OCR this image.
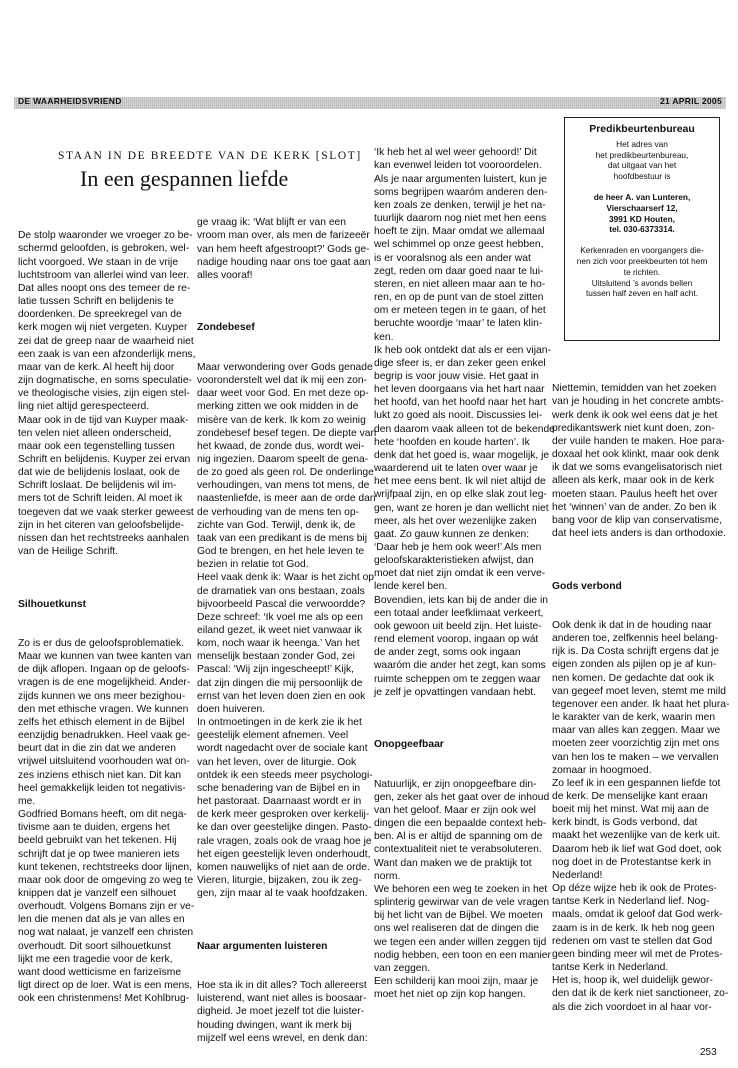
DE WAARHEIDSVRIEND	21 APRIL 2005
STAAN IN DE BREEDTE VAN DE KERK [SLOT]
In een gespannen liefde

De stolp waaronder we vroeger zo be-
schermd geloofden, is gebroken, wel-
licht voorgoed. We staan in de vrije
luchtstroom van allerlei wind van leer.
Dat alles noopt ons des temeer de re-
latie tussen Schrift en belijdenis te
doordenken. De spreekregel van de
kerk mogen wij niet vergeten. Kuyper
zei dat de greep naar de waarheid niet
een zaak is van een afzonderlijk mens,
maar van de kerk. Al heeft hij door
zijn dogmatische, en soms speculatie-
ve theologische visies, zijn eigen stel-
ling niet altijd gerespecteerd.
Maar ook in de tijd van Kuyper maak-
ten velen niet alleen onderscheid,
maar ook een tegenstelling tussen
Schrift en belijdenis. Kuyper zei ervan
dat wie de belijdenis loslaat, ook de
Schrift loslaat. De belijdenis wil im-
mers tot de Schrift leiden. Al moet ik
toegeven dat we vaak sterker geweest
zijn in het citeren van geloofsbelijde-
nissen dan het rechtstreeks aanhalen
van de Heilige Schrift.

Silhouetkunst

Zo is er dus de geloofsproblematiek.
Maar we kunnen van twee kanten van
de dijk aflopen. Ingaan op de geloofs-
vragen is de ene mogelijkheid. Ander-
zijds kunnen we ons meer bezighou-
den met ethische vragen. We kunnen
zelfs het ethisch element in de Bijbel
eenzijdig benadrukken. Heel vaak ge-
beurt dat in die zin dat we anderen
vrijwel uitsluitend voorhouden wat on-
zes inziens ethisch niet kan. Dit kan
heel gemakkelijk leiden tot negativis-
me.
Godfried Bomans heeft, om dit nega-
tivisme aan te duiden, ergens het
beeld gebruikt van het tekenen. Hij
schrijft dat je op twee manieren iets
kunt tekenen, rechtstreeks door lijnen,
maar ook door de omgeving zo weg te
knippen dat je vanzelf een silhouet
overhoudt. Volgens Bomans zijn er ve-
len die menen dat als je van alles en
nog wat nalaat, je vanzelf een christen
overhoudt. Dit soort silhouetkunst
lijkt me een tragedie voor de kerk,
want dood wetticisme en farizeïsme
ligt direct op de loer. Wat is een mens,
ook een christenmens! Met Kohlbrug-

ge vraag ik: ‘Wat blijft er van een
vroom man over, als men de farizeeër
van hem heeft afgestroopt?’ Gods ge-
nadige houding naar ons toe gaat aan
alles vooraf!

Zondebesef

Maar verwondering over Gods genade
vooronderstelt wel dat ik mij een zon-
daar weet voor God. En met deze op-
merking zitten we ook midden in de
misère van de kerk. Ik kom zo weinig
zondebesef besef tegen. De diepte van
het kwaad, de zonde dus, wordt wei-
nig ingezien. Daarom speelt de gena-
de zo goed als geen rol. De onderlinge
verhoudingen, van mens tot mens, de
naastenliefde, is meer aan de orde dan
de verhouding van de mens ten op-
zichte van God. Terwijl, denk ik, de
taak van een predikant is de mens bij
God te brengen, en het hele leven te
bezien in relatie tot God.
Heel vaak denk ik: Waar is het zicht op
de dramatiek van ons bestaan, zoals
bijvoorbeeld Pascal die verwoordde?
Deze schreef: ‘Ik voel me als op een
eiland gezet, ik weet niet vanwaar ik
kom, noch waar ik heenga.’ Van het
menselijk bestaan zonder God, zei
Pascal: ‘Wij zijn ingescheept!’ Kijk,
dat zijn dingen die mij persoonlijk de
ernst van het leven doen zien en ook
doen huiveren.
In ontmoetingen in de kerk zie ik het
geestelijk element afnemen. Veel
wordt nagedacht over de sociale kant
van het leven, over de liturgie. Ook
ontdek ik een steeds meer psychologi-
sche benadering van de Bijbel en in
het pastoraat. Daarnaast wordt er in
de kerk meer gesproken over kerkelij-
ke dan over geestelijke dingen. Pasto-
rale vragen, zoals ook de vraag hoe je
het eigen geestelijk leven onderhoudt,
komen nauwelijks of niet aan de orde.
Vieren, liturgie, bijzaken, zou ik zeg-
gen, zijn maar al te vaak hoofdzaken.

Naar argumenten luisteren

Hoe sta ik in dit alles? Toch allereerst
luisterend, want niet alles is boosaar-
digheid. Je moet jezelf tot die luister-
houding dwingen, want ik merk bij
mijzelf wel eens wrevel, en denk dan:

‘Ik heb het al wel weer gehoord!’ Dit
kan evenwel leiden tot vooroordelen.
Als je naar argumenten luistert, kun je
soms begrijpen waaróm anderen den-
ken zoals ze denken, terwijl je het na-
tuurlijk daarom nog niet met hen eens
hoeft te zijn. Maar omdat we allemaal
wel schimmel op onze geest hebben,
is er vooralsnog als een ander wat
zegt, reden om daar goed naar te lui-
steren, en niet alleen maar aan te ho-
ren, en op de punt van de stoel zitten
om er meteen tegen in te gaan, of het
beruchte woordje ‘maar’ te laten klin-
ken.
Ik heb ook ontdekt dat als er een vijan-
dige sfeer is, er dan zeker geen enkel
begrip is voor jouw visie. Het gaat in
het leven doorgaans via het hart naar
het hoofd, van het hoofd naar het hart
lukt zo goed als nooit. Discussies lei-
den daarom vaak alleen tot de bekende
hete ‘hoofden en koude harten’. Ik
denk dat het goed is, waar mogelijk, je
waarderend uit te laten over waar je
het mee eens bent. Ik wil niet altijd de
wrijfpaal zijn, en op elke slak zout leg-
gen, want ze horen je dan wellicht niet
meer, als het over wezenlijke zaken
gaat. Zo gauw kunnen ze denken:
‘Daar heb je hem ook weer!’ Als men
geloofskarakteristieken afwijst, dan
moet dat niet zijn omdat ik een verve-
lende kerel ben.
Bovendien, iets kan bij de ander die in
een totaal ander leefklimaat verkeert,
ook gewoon uit beeld zijn. Het luiste-
rend element voorop, ingaan op wát
de ander zegt, soms ook ingaan
waaróm die ander het zegt, kan soms
ruimte scheppen om te zeggen waar
je zelf je opvattingen vandaan hebt.

Onopgeefbaar

Natuurlijk, er zijn onopgeefbare din-
gen, zeker als het gaat over de inhoud
van het geloof. Maar er zijn ook wel
dingen die een bepaalde context heb-
ben. Al is er altijd de spanning om de
contextualiteit niet te verabsoluteren.
Want dan maken we de praktijk tot
norm.
We behoren een weg te zoeken in het
splinterig gewirwar van de vele vragen
bij het licht van de Bijbel. We moeten
ons wel realiseren dat de dingen die
we tegen een ander willen zeggen tijd
nodig hebben, een toon en een manier
van zeggen.
Een schilderij kan mooi zijn, maar je
moet het niet op zijn kop hangen.

Predikbeurtenbureau

Het adres van
het predikbeurtenbureau,
dat uitgaat van het
hoofdbestuur is

de heer A. van Lunteren,
Vierschaarserf 12,
3991 KD Houten,
tel. 030-6373314.

Kerkenraden en voorgangers die-
nen zich voor preekbeurten tot hem
te richten.

Uitsluitend ’s avonds bellen
tussen half zeven en half acht.

Niettemin, temidden van het zoeken
van je houding in het concrete ambts-
werk denk ik ook wel eens dat je het
predikantswerk niet kunt doen, zon-
der vuile handen te maken. Hoe para-
doxaal het ook klinkt, maar ook denk
ik dat we soms evangelisatorisch niet
alleen als kerk, maar ook in de kerk
moeten staan. Paulus heeft het over
het ‘winnen’ van de ander. Zo ben ik
bang voor de klip van conservatisme,
dat heel iets anders is dan orthodoxie.

Gods verbond

Ook denk ik dat in de houding naar
anderen toe, zelfkennis heel belang-
rijk is. Da Costa schrijft ergens dat je
eigen zonden als pijlen op je af kun-
nen komen. De gedachte dat ook ik
van gegeef moet leven, stemt me mild
tegenover een ander. Ik haat het plura-
le karakter van de kerk, waarin men
maar van alles kan zeggen. Maar we
moeten zeer voorzichtig zijn met ons
van hen los te maken – we vervallen
zomaar in hoogmoed.
Zo leef ik in een gespannen liefde tot
de kerk. De menselijke kant eraan
boeit mij het minst. Wat mij aan de
kerk bindt, is Gods verbond, dat
maakt het wezenlijke van de kerk uit.
Daarom heb ik lief wat God doet, ook
nog doet in de Protestantse kerk in
Nederland!
Op déze wijze heb ik ook de Protes-
tantse Kerk in Nederland lief. Nog-
maals, omdat ik geloof dat God werk-
zaam is in de kerk. Ik heb nog geen
redenen om vast te stellen dat God
geen binding meer wil met de Protes-
tantse Kerk in Nederland.
Het is, hoop ik, wel duidelijk gewor-
den dat ik de kerk niet sanctioneer, zo-
als die zich voordoet in al haar vor-

253
